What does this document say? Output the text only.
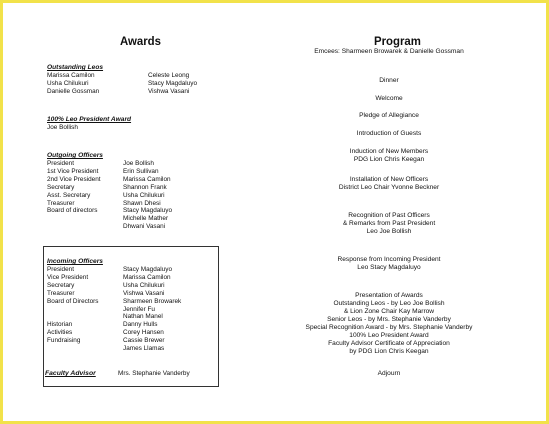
Awards
Outstanding Leos
Marissa Camilon
Usha Chilukuri
Danielle Gossman
Celeste Leong
Stacy Magdaluyo
Vishwa Vasani
100% Leo President Award
Joe Bollish
Outgoing Officers
President
1st Vice President
2nd Vice President
Secretary
Asst. Secretary
Treasurer
Board of directors
Joe Bollish
Erin Sullivan
Marissa Camilon
Shannon Frank
Usha Chilukuri
Shawn Dhesi
Stacy Magdaluyo
Michelle Mather
Dhwani Vasani
Incoming Officers
President
Vice President
Secretary
Treasurer
Board of Directors
Historian
Activities
Fundraising
Stacy Magdaluyo
Marissa Camilon
Usha Chilukuri
Vishwa Vasani
Sharmeen Browarek
Jennifer Fu
Nathan Manel
Danny Hulls
Corey Hansen
Cassie Brewer
James Llamas
Faculty Advisor	Mrs. Stephanie Vanderby
Program
Emcees: Sharmeen Browarek & Danielle Gossman
Dinner
Welcome
Pledge of Allegiance
Introduction of Guests
Induction of New Members
PDG Lion Chris Keegan
Installation of New Officers
District Leo Chair Yvonne Beckner
Recognition of Past Officers
& Remarks from Past President
Leo Joe Bollish
Response from Incoming President
Leo Stacy Magdaluyo
Presentation of Awards
Outstanding Leos - by Leo Joe Bollish
& Lion Zone Chair Kay Marrow
Senior Leos - by Mrs. Stephanie Vanderby
Special Recognition Award - by Mrs. Stephanie Vanderby
100% Leo President Award
Faculty Advisor Certificate of Appreciation
by PDG Lion Chris Keegan
Adjourn
